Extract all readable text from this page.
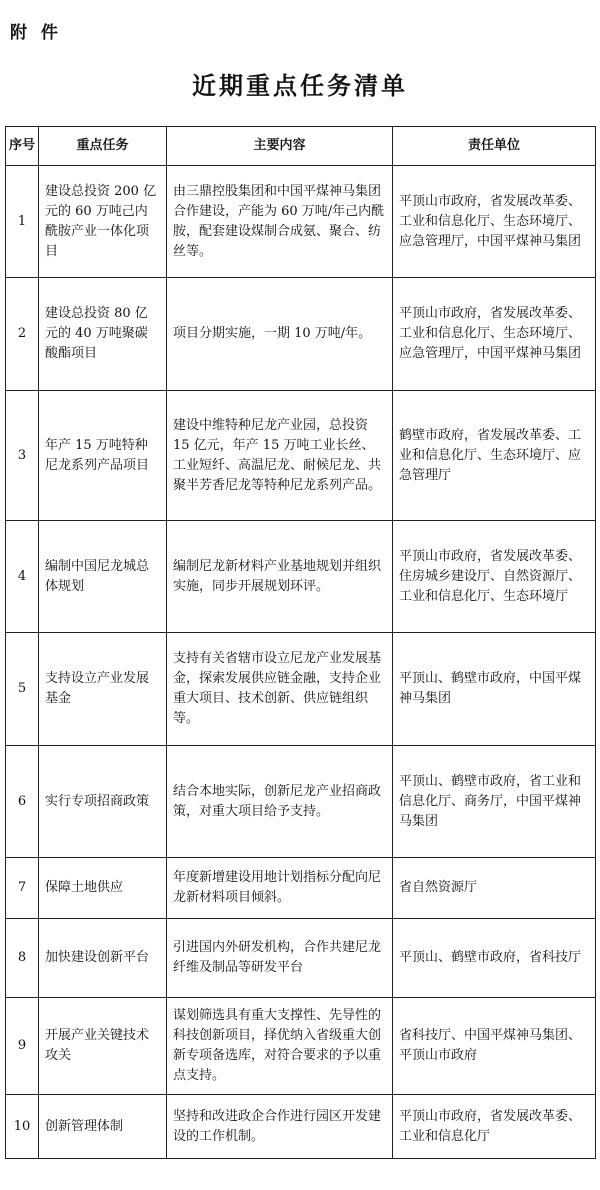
附 件
近期重点任务清单
序号	重点任务	主要内容	责任单位
1	建设总投资 200 亿元的 60 万吨己内酰胺产业一体化项目	由三鼎控股集团和中国平煤神马集团合作建设，产能为 60 万吨/年己内酰胺，配套建设煤制合成氨、聚合、纺丝等。	平顶山市政府，省发展改革委、工业和信息化厅、生态环境厅、应急管理厅，中国平煤神马集团
2	建设总投资 80 亿元的 40 万吨聚碳酸酯项目	项目分期实施，一期 10 万吨/年。	平顶山市政府，省发展改革委、工业和信息化厅、生态环境厅、应急管理厅，中国平煤神马集团
3	年产 15 万吨特种尼龙系列产品项目	建设中维特种尼龙产业园，总投资 15 亿元，年产 15 万吨工业长丝、工业短纤、高温尼龙、耐候尼龙、共聚半芳香尼龙等特种尼龙系列产品。	鹤壁市政府，省发展改革委、工业和信息化厅、生态环境厅、应急管理厅
4	编制中国尼龙城总体规划	编制尼龙新材料产业基地规划并组织实施，同步开展规划环评。	平顶山市政府，省发展改革委、住房城乡建设厅、自然资源厅、工业和信息化厅、生态环境厅
5	支持设立产业发展基金	支持有关省辖市设立尼龙产业发展基金，探索发展供应链金融，支持企业重大项目、技术创新、供应链组织等。	平顶山、鹤壁市政府，中国平煤神马集团
6	实行专项招商政策	结合本地实际，创新尼龙产业招商政策，对重大项目给予支持。	平顶山、鹤壁市政府，省工业和信息化厅、商务厅，中国平煤神马集团
7	保障土地供应	年度新增建设用地计划指标分配向尼龙新材料项目倾斜。	省自然资源厅
8	加快建设创新平台	引进国内外研发机构，合作共建尼龙纤维及制品等研发平台	平顶山、鹤壁市政府，省科技厅
9	开展产业关键技术攻关	谋划筛选具有重大支撑性、先导性的科技创新项目，择优纳入省级重大创新专项备选库，对符合要求的予以重点支持。	省科技厅、中国平煤神马集团、平顶山市政府
10	创新管理体制	坚持和改进政企合作进行园区开发建设的工作机制。	平顶山市政府，省发展改革委、工业和信息化厅
